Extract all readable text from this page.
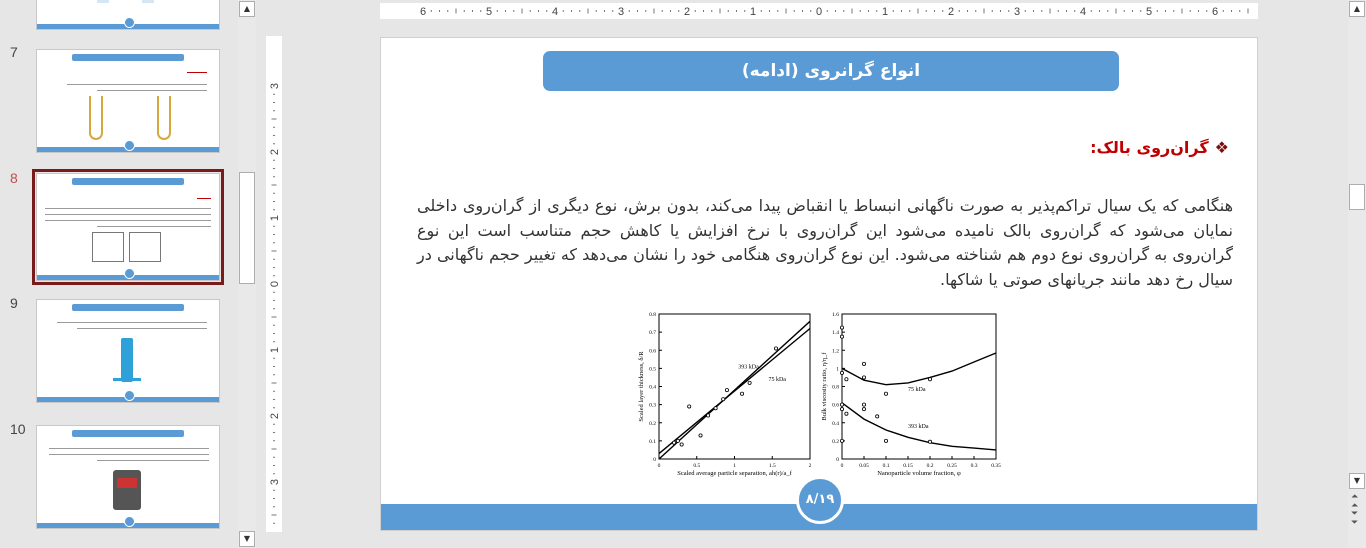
7
8
9
10
▲
▼
6	5	4	3	2	1	0	1	2	3	4	5	6
3
2
1
0
1
2
3
انواع گرانروی (ادامه)
❖گران‌روی بالک:
هنگامی که یک سیال تراکم‌پذیر به صورت ناگهانی انبساط یا انقباض پیدا می‌کند، بدون برش، نوع دیگری از گران‌روی داخلی نمایان می‌شود که گران‌روی بالک نامیده می‌شود این گران‌روی با نرخ افزایش یا کاهش حجم متناسب است این نوع گران‌روی به گران‌روی نوع دوم هم شناخته می‌شود. این نوع گران‌روی هنگامی خود را نشان می‌دهد که تغییر حجم ناگهانی در سیال رخ دهد مانند جریانهای صوتی یا شاکها.
0	0.5	1	1.5	2
0
0.1
0.2
0.3
0.4
0.5
0.6
0.7
0.8
Scaled average particle separation, ah(r)/a_f
Scaled layer thickness, δ/R	393 kDa
75 kDa
0	0.05	0.1	0.15	0.2	0.25	0.3	0.35
0
0.2
0.4
0.6
0.8
1
1.2
1.4
1.6
Nanoparticle volume fraction, φ
Bulk viscosity ratio, η/η_f	75 kDa
393 kDa
۸/۱۹
▲
▼
⏶
⏶
⏷
⏷
